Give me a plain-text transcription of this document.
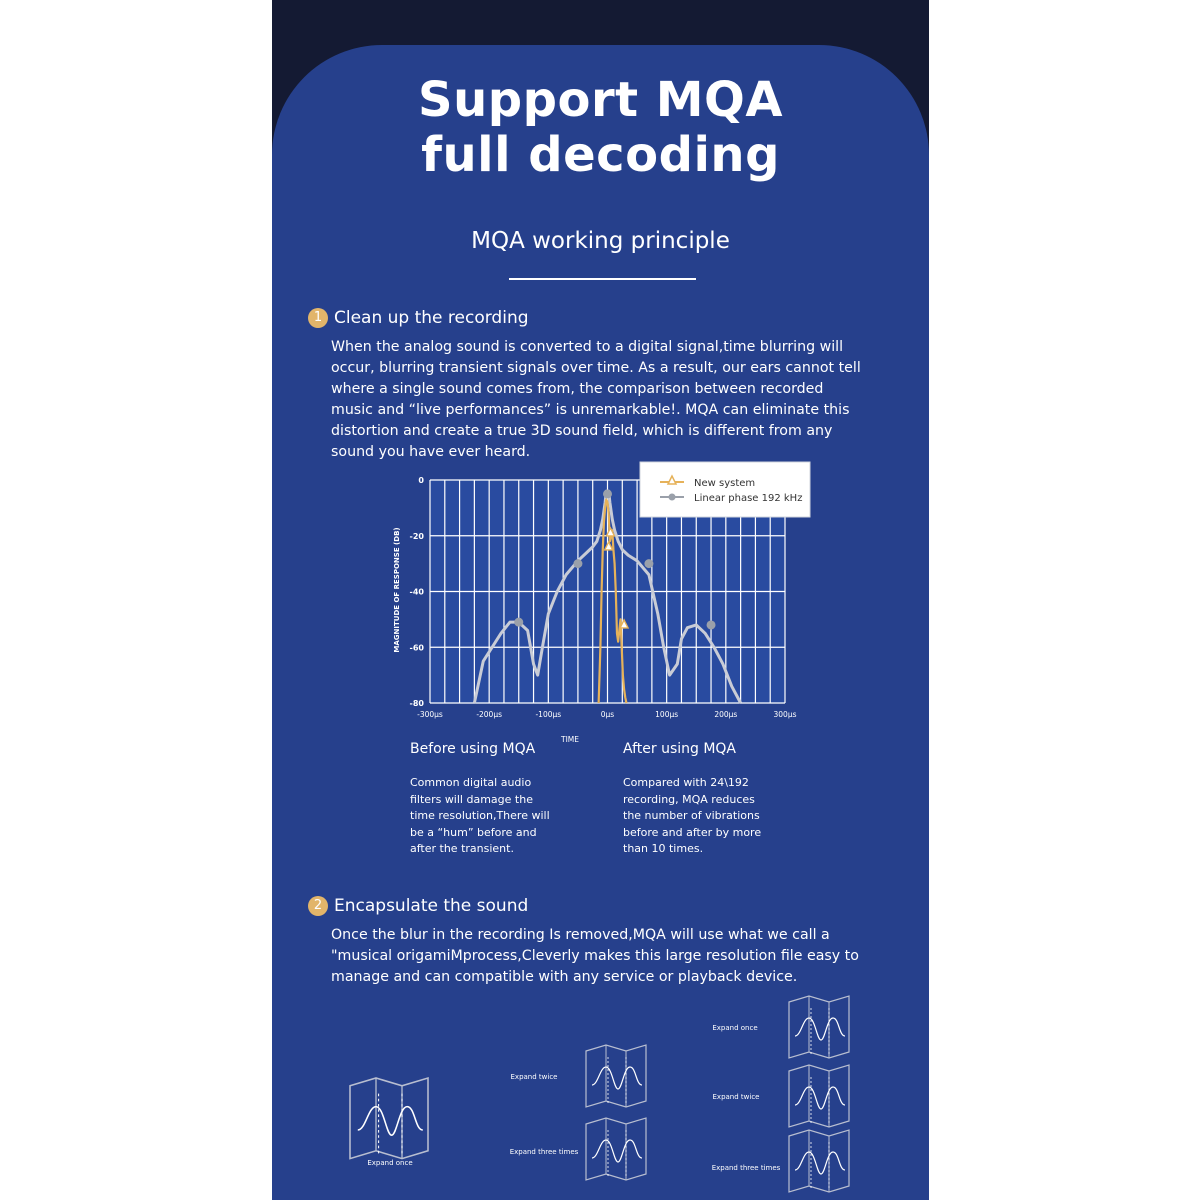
Support MQA
full decoding
MQA working principle
1 Clean up the recording
When the analog sound is converted to a digital signal,time blurring will occur, blurring transient signals over time. As a result, our ears cannot tell where a single sound comes from, the comparison between recorded music and “live performances” is unremarkable!. MQA can eliminate this distortion and create a true 3D sound field, which is different from any sound you have ever heard.
0
-20
-40
-60
-80
-300µs	-200µs	-100µs	0µs	100µs	200µs	300µs
MAGNITUDE OF RESPONSE (DB)
TIME
New system
Linear phase 192 kHz
Before using MQA
Common digital audio filters will damage the time resolution,There will be a “hum” before and after the transient.
After using MQA
Compared with 24\192 recording, MQA reduces the number of vibrations before and after by more than 10 times.
2 Encapsulate the sound
Once the blur in the recording Is removed,MQA will use what we call a "musical origamiMprocess,Cleverly makes this large resolution file easy to manage and can compatible with any service or playback device.
Expand once
Expand twice
Expand three times
Expand once
Expand twice
Expand three times
